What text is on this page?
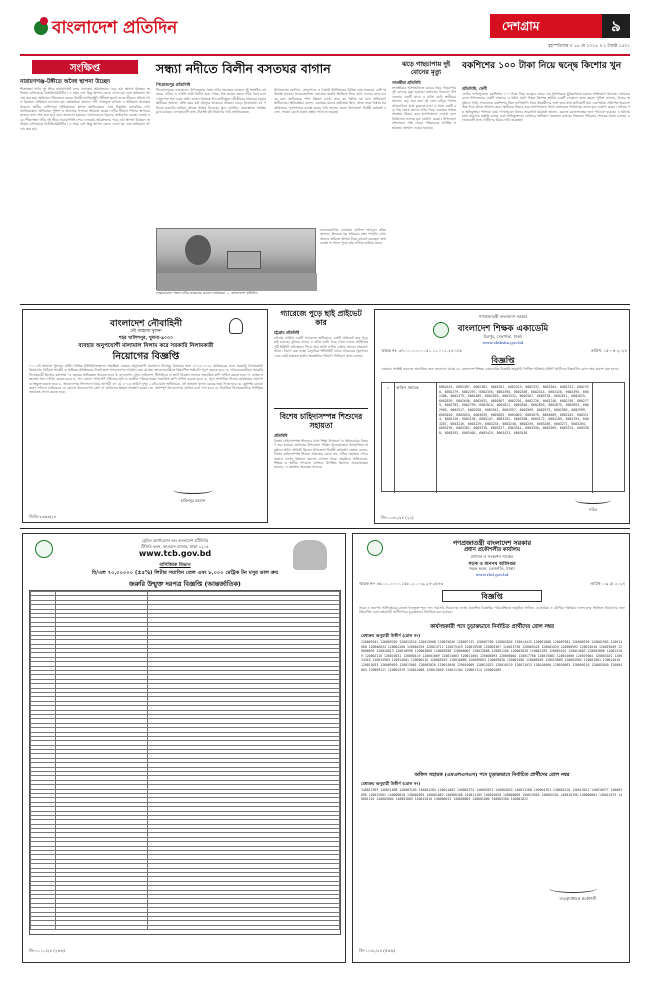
বাংলাদেশ প্রতিদিন	দেশগ্রাম	৯
বৃহস্পতিবার ॥ ১৬ মে ২০২৪ ॥ ২ জ্যৈষ্ঠ ১৪৩১
সংক্ষিপ্ত
নারায়ণগঞ্জ-টঙ্গীতে অবৈধ স্থাপনা উচ্ছেদ

শীতলক্ষ্যা নদীর দুই তীরে নারায়ণগঞ্জ বন্দর এলাকায় অবৈধভাবে গড়ে ওঠা স্থাপনা উচ্ছেদে অভিযান চালিয়েছে বিআইডব্লিউটিএ। এ সময় বেশ কিছু স্থাপনা ভেঙে ফেলা হয় এবং জরিমানা আদায় করা হয়। অভিযান পরিচালনা করেন নির্বাহী ম্যাজিস্ট্রেট। টঙ্গীতে তুরাগ নদের তীরেও অবৈধ দখল উচ্ছেদে অভিযান চালানো হয়। কর্মকর্তারা জানান, নদী দখলমুক্ত রাখতে এ অভিযান অব্যাহত থাকবে। স্থানীয় বাসিন্দারা অভিযানকে স্বাগত জানিয়েছেন এবং নিয়মিত তদারকির দাবি জানিয়েছেন। অভিযানে পুলিশ ও আনসার সদস্যরা সহায়তা করেন। নদীর সীমানা পিলার স্থাপনের কাজও দ্রুত শেষ করা হবে বলে জানানো হয়েছে। দখলদারদের বিরুদ্ধে আইনগত ব্যবস্থা নেওয়া হবে। শীতলক্ষ্যা নদীর দুই তীরে নারায়ণগঞ্জ বন্দর এলাকায় অবৈধভাবে গড়ে ওঠা স্থাপনা উচ্ছেদে অভিযান চালিয়েছে বিআইডব্লিউটিএ। এ সময় বেশ কিছু স্থাপনা ভেঙে ফেলা হয় এবং জরিমানা আদায় করা হয়।

সন্ধ্যা নদীতে বিলীন বসতঘর বাগান
পিরোজপুর প্রতিনিধি

পিরোজপুরের নেছারাবাদ উপজেলায় সন্ধ্যা নদীর অব্যাহত ভাঙনে দুই শতাধিক বসতঘর, বাগান ও ফসলি জমি বিলীন হয়ে গেছে। গত কয়েক বছরে নদীর গর্ভে চলে গেছে শত শত একর জমি। ভাঙন আতঙ্কে দিন কাটাচ্ছেন নদীতীরের হাজারো মানুষ। স্থানীয়রা জানান, প্রতি বছর বর্ষা মৌসুমে ভাঙনের তীব্রতা বাড়ে। ইতোমধ্যে বহু পরিবার ঘরবাড়ি হারিয়ে অন্যত্র আশ্রয় নিয়েছে। স্কুল, মসজিদ, কবরস্থানও হুমকির মুখে রয়েছে। এলাকাবাসী দ্রুত টেকসই বাঁধ নির্মাণের দাবি জানিয়েছেন।

উপজেলার বলদিয়া, সোহাগদল ও দৈহারী ইউনিয়নের বিভিন্ন গ্রাম সবচেয়ে বেশি ক্ষতিগ্রস্ত হয়েছে। ভাঙনকবলিত এলাকায় জরুরি ভিত্তিতে জিও ব্যাগ ফেলার কাজ চলছে বলে জানিয়েছে পানি উন্নয়ন বোর্ড। তবে তা পর্যাপ্ত নয় বলে অভিযোগ স্থানীয়দের। ক্ষতিগ্রস্তরা বলেন, একসময় যাদের জমিজমা ছিল, আজ তারা নিঃস্ব। সরকারিভাবে পুনর্বাসনের ব্যবস্থা করার দাবি জানান তারা। উপজেলা নির্বাহী কর্মকর্তা বলেন, ভাঙন রোধে প্রকল্প প্রস্তাব পাঠানো হয়েছে।

নেছারাবাদে সন্ধ্যা নদীর ভাঙনের কবলে বসতঘর। — বাংলাদেশ প্রতিদিন

ভাঙনকবলিত এলাকার বাসিন্দা আবদুল করিম জানান, তিনবার ঘর সরিয়েও রক্ষা পাননি। এখন অন্যের জমিতে আশ্রয় নিয়ে বসবাস করছেন। দ্রুত ব্যবস্থা না নিলে পুরো গ্রাম নদীতে হারিয়ে যাবে।

ঝড়ে গাছচাপায় দুই বোনের মৃত্যু
সাতক্ষীরা প্রতিনিধি

সাতক্ষীরার আশাশুনিতে ঝড়ের সময় গাছচাপায় দুই বোনের মৃত্যু হয়েছে। মঙ্গলবার বিকেলে উপজেলার একটি গ্রামে এ ঘটনা ঘটে। স্থানীয়রা জানান, ঝড় শুরু হলে দুই বোন বাড়ির পাশের আমবাগানে আম কুড়াতে যায়। এ সময় একটি বড় গাছ ভেঙে তাদের ওপর পড়ে। গুরুতর আহত অবস্থায় উদ্ধার করে হাসপাতালে নেওয়া হলে চিকিৎসক তাদের মৃত ঘোষণা করেন। উপজেলা প্রশাসনের পক্ষ থেকে পরিবারকে আর্থিক সহায়তার আশ্বাস দেওয়া হয়েছে।

বকশিশের ১০০ টাকা নিয়ে দ্বন্দ্বে কিশোর খুন
প্রতিনিধি, ফেনী

ফেনীর দাগনভূঞায় বকশিশের ১০০ টাকা নিয়ে দ্বন্দ্বের জেরে এক কিশোরকে ছুরিকাঘাতে হত্যার অভিযোগ উঠেছে। সোমবার রাতে উপজেলার একটি বাজারে এ ঘটনা ঘটে। নিহত কিশোর স্থানীয় একটি দোকানে কাজ করত। পুলিশ জানায়, বিয়ের অনুষ্ঠানে গাড়ি সাজানোর বকশিশের টাকা ভাগাভাগি নিয়ে সহকর্মীদের সঙ্গে তার কথা-কাটাকাটি হয়। একপর্যায়ে প্রতিপক্ষ ধারালো অস্ত্র দিয়ে তাকে আঘাত করে। স্থানীয়রা উদ্ধার করে হাসপাতালে নিলে কর্তব্যরত চিকিৎসক তাকে মৃত ঘোষণা করেন। ঘটনার পর অভিযুক্তরা পালিয়ে যায়। দাগনভূঞা থানার ভারপ্রাপ্ত কর্মকর্তা জানান, মরদেহ ময়নাতদন্তের জন্য পাঠানো হয়েছে। এ ঘটনায় হত্যা মামলার প্রস্তুতি চলছে এবং অভিযুক্তদের গ্রেপ্তারে অভিযান অব্যাহত রয়েছে। নিহতের পরিবারে শোকের মাতম চলছে। এলাকাবাসী দ্রুত দোষীদের বিচার দাবি করেছেন।

বাংলাদেশ নৌবাহিনী
নৌ জাহাজ খুলনা
শহর খালিশপুর, খুলনা-৯০০০
ব্যবহার অনুপযোগী মালামাল নিলাম করে সরকারি নিলামকারী
নিয়োগের বিজ্ঞপ্তি

০১। নৌ জাহাজ খুলনার অধীন বিভিন্ন ইউনিট/জাহাজে সংরক্ষিত ব্যবহার অনুপযোগী মালামাল নিলামে বিক্রয়ের জন্য ২০২৪-২০২৫ অর্থবছরের জন্য সরকারি নিলামকারী নিয়োগের নিমিত্তে আগ্রহী ও অভিজ্ঞ প্রতিষ্ঠানের নিকট হতে আবেদনপত্র আহ্বান করা যাচ্ছে। আবেদনকারীকে নিম্নবর্ণিত শর্তাবলি পূরণ করতে হবে: ক. আবেদনকারীকে সরকারি নিলামকারী হিসেবে কমপক্ষে ০৫ বছরের অভিজ্ঞতা থাকতে হবে। খ. হালনাগাদ ট্রেড লাইসেন্স, টিআইএন ও ভ্যাট নিবন্ধন সনদের সত্যায়িত কপি দাখিল করতে হবে। গ. ব্যাংক সচ্ছলতা সনদ দাখিল করতে হবে। ঘ. সদ্য তোলা পাসপোর্ট সাইজের ছবি ও জাতীয় পরিচয়পত্রের সত্যায়িত কপি দাখিল করতে হবে। ঙ. পূর্বে সম্পাদিত নিলাম কার্যক্রমের প্রমাণপত্র সংযুক্ত করতে হবে। চ. আবেদনপত্র সিলগালা খামে আগামী ৩০ মে ২০২৪ তারিখ দুপুর ১২টার মধ্যে অধিনায়ক, নৌ জাহাজ খুলনা বরাবর জমা দিতে হবে। ছ. কর্তৃপক্ষ কোনো কারণ দর্শানো ব্যতিরেকে যে কোনো আবেদনপত্র গ্রহণ বা বাতিলের ক্ষমতা সংরক্ষণ করেন। জ. অসম্পূর্ণ আবেদনপত্র বাতিল বলে গণ্য হবে। ঝ. নির্বাচিত নিলামকারীকে নির্ধারিত জামানত প্রদান করতে হবে।

হাফিজুর রহমান
জিডি-২৩৬৩/২৪
গ্যারেজে পুড়ে ছাই প্রাইভেট কার
চট্টগ্রাম প্রতিনিধি

চট্টগ্রাম নগরীর একটি গ্যারেজে অগ্নিকাণ্ডে একটি প্রাইভেট কার পুড়ে ছাই হয়েছে। বুধবার ভোরে এ ঘটনা ঘটে। খবর পেয়ে ফায়ার সার্ভিসের দুটি ইউনিট ঘটনাস্থলে গিয়ে প্রায় আধা ঘণ্টার চেষ্টায় আগুন নিয়ন্ত্রণে আনে। ধারণা করা হচ্ছে বৈদ্যুতিক শর্টসার্কিট থেকে আগুনের সূত্রপাত। এতে কেউ হতাহত হয়নি। ক্ষয়ক্ষতির পরিমাণ নির্ধারণে কাজ চলছে।

বিশেষ চাহিদাসম্পন্ন শিশুদের সহায়তা
প্রতিনিধি

বিশেষ চাহিদাসম্পন্ন শিশুদের মধ্যে শিক্ষা উপকরণ ও হুইলচেয়ার বিতরণ করা হয়েছে। মঙ্গলবার উপজেলা পরিষদ মিলনায়তনে আয়োজিত অনুষ্ঠানে প্রধান অতিথি ছিলেন উপজেলা নির্বাহী কর্মকর্তা। বক্তারা বলেন, বিশেষ চাহিদাসম্পন্ন শিশুরা সমাজের বোঝা নয়, সঠিক সহায়তা পেলে তারাও দেশের উন্নয়নে অবদান রাখতে পারে। অনুষ্ঠানে অভিভাবক, শিক্ষক ও স্থানীয় গণ্যমান্য ব্যক্তিরা উপস্থিত ছিলেন। আয়োজকরা জানান, এ কার্যক্রম অব্যাহত থাকবে।

গণপ্রজাতন্ত্রী বাংলাদেশ সরকার
বাংলাদেশ শিক্ষক একাডেমি
মিরপুর, সেনপাড়া, ঢাকা।
www.shiksha.gov.bd
স্মারক নং: ৩৭.০০.০০০০.০৫১.১১.০০১.২৪-১৪৮	তারিখ: ১৫-০৫-২০২৪
বিজ্ঞপ্তি

এতদ্বারা সংশ্লিষ্ট সকলের অবগতির জন্য জানানো যাচ্ছে যে, বাংলাদেশ শিক্ষক একাডেমির বিজ্ঞপ্তি অনুযায়ী লিখিত পরীক্ষায় উত্তীর্ণ প্রার্থীদের নিম্নবর্ণিত রোল নম্বর প্রকাশ করা হলো।

১	অফিস সহায়ক	6002441, 6002387, 6002382, 6002351, 6002319, 6002337, 6002304, 6002313, 6002338, 6002279, 6002292, 6002355, 6002390, 6002368, 6002414, 6002428, 6002395, 6002406, 6002475, 6002489, 6002503, 6002532, 6002567, 6002578, 6002611, 6002625, 6002639, 6002648, 6002651, 6002687, 6002701, 6002726, 6002748, 6002765, 6002779, 6002783, 6002799, 6002810, 6002821, 6002846, 6002859, 6002875, 6002893, 6002905, 6002917, 6002928, 6002941, 6002957, 6002969, 6002973, 6002985, 6002999, 6003010, 6003024, 6003039, 6003055, 6003063, 6003078, 6003089, 6003101, 6003114, 6003126, 6003138, 6003147, 6003152, 6003168, 6003172, 6003185, 6003194, 6003207, 6003216, 6003229, 6003235, 6003248, 6003259, 6003266, 6003271, 6003284, 6003295, 6003302, 6003318, 6003327, 6003341, 6003356, 6003369, 6003374, 6003388, 6003392, 6003405, 6003419, 6003423, 6003436
সচিব
জি-১০৩১/২৪ (২২)
ট্রেডিং কর্পোরেশন অব বাংলাদেশ (টিসিবি)
টিসিবি ভবন, কাওরান বাজার, ঢাকা-১২১৫
www.tcb.gov.bd
বাণিজ্যিক বিভাগ
বি/এল ৭০,০০০০০ (±৫%) লিটার সয়াবিন তেল এবং ৮,০০০ মেট্রিক টন মসুর ডাল ক্রয়
জরুরি উন্মুক্ত দরপত্র বিজ্ঞপ্তি (আন্তর্জাতিক)

জি-১০১০/২৪ (২×৬)
গণপ্রজাতন্ত্রী বাংলাদেশ সরকার
প্রধান প্রকৌশলীর কার্যালয়
প্রশাসন ও সংস্থাপন সার্কেল
সড়ক ও জনপথ অধিদপ্তর
সড়ক ভবন, তেজগাঁও, ঢাকা।
www.rhd.gov.bd
স্মারক নং- ৩৫.০১.০০০০.১৫৮.১১.০০৯.২৪-২৫৪৩	তারিখ: ০৯ মে ২০২৪
বিজ্ঞপ্তি

সড়ক ও জনপথ অধিদপ্তরের রাজস্ব খাতভুক্ত শূন্য পদে সরাসরি নিয়োগের লক্ষ্যে প্রকাশিত বিজ্ঞপ্তির পরিপ্রেক্ষিতে অনুষ্ঠিত লিখিত, ব্যবহারিক ও মৌখিক পরীক্ষার ফলাফলের ভিত্তিতে নিয়োগের জন্য নিম্নবর্ণিত রোল নম্বরধারী প্রার্থীগণকে চূড়ান্তভাবে নির্বাচিত করা হয়েছে।

কার্যসহকারী পদে চূড়ান্তভাবে নির্বাচিত প্রার্থীদের রোল নম্বর
মেধাক্রম অনুযায়ী উত্তীর্ণ (রোল নং)
120009261 120009202 120013516 120013608 120015656 120007122 120007766 120003834 120014415 120001688 120007981 120000190 120001963 120014960 120006034 120001200 120004294 120013711 120075419 120015948 120003367 120015736 120009424 120001024 120000592 120015010 120019049 120000093 120010013 120010998 120003860 120003838 120000007 120013688 120001100 120003820 120002109 120003101 120014003 120003000 120013109 120002116 120016031 120000119 120001009 120014003 120011004 120004093 120000002 120017780 120015081 120014600 120019004 120003101 120014416 120015903 120014001 120000116 120005033 120010060 120009003 120009030 120001400 120008309 120015000 120003904 120001001 120014010 120013033 120009010 120013001 120003020 120014048 120010009 120012013 120010119 120011013 120010000 120010003 120000110 120003040 120004004 120009311 120001919 120014000 120015090 120011104 120001114 120001009
অফিস সহায়ক (এমএলএসএস) পদে চূড়ান্তভাবে নির্বাচিত প্রার্থীদের রোল নম্বর
মেধাক্রম অনুযায়ী উত্তীর্ণ (রোল নং)
140011363 140011668 140003105 140001284 140011803 140002374 140003071 140004023 140011188 140004761 140002210 140013011 140010977 140003090 140012601 140000010 140004093 140001082 140000100 140011103 140010020 140000009 140013010 140002102 140010190 140000001 140011073 140001101 140003004 140001009 140012010 140000013 140000009 140001000 140003100 140001022
তত্ত্বাবধায়ক প্রকৌশলী
জি-১০৩১/২৪ (৫×৬)
